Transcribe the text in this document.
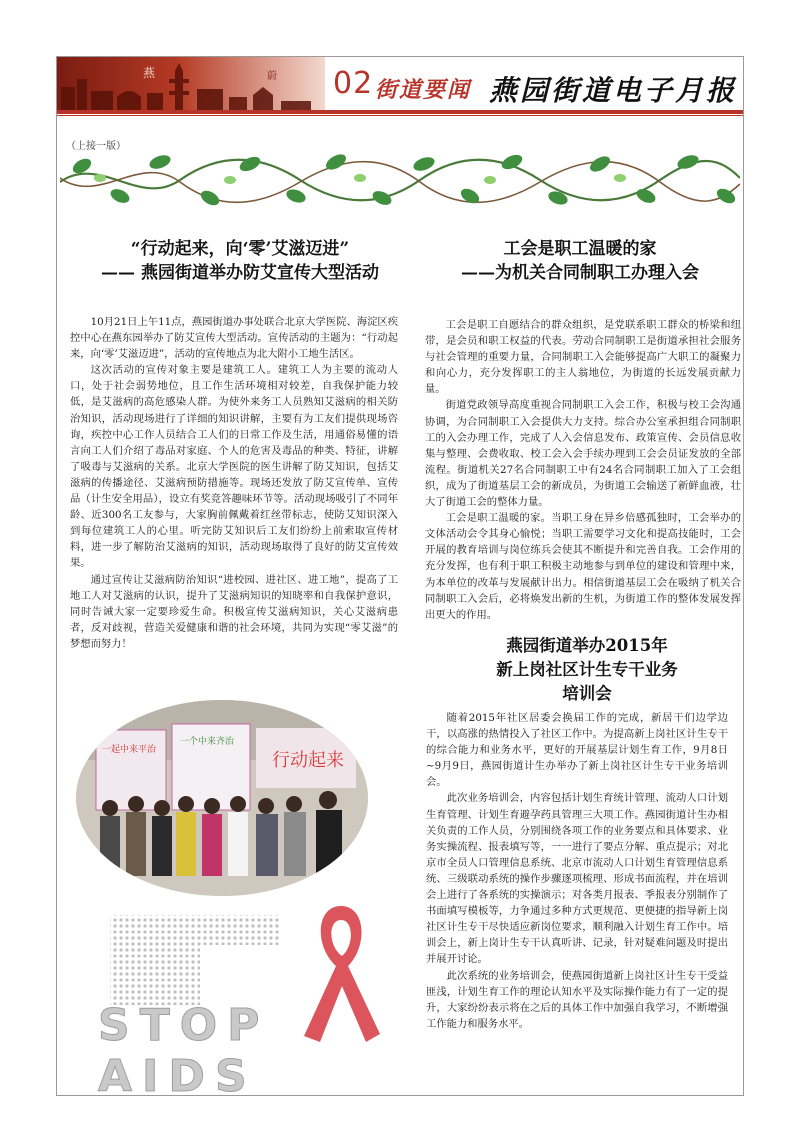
燕	蔚 02 街道要闻 燕园街道电子月报
（上接一版）
“行动起来，向‘零’艾滋迈进”
—— 燕园街道举办防艾宣传大型活动

10月21日上午11点，燕园街道办事处联合北京大学医院、海淀区疾控中心在燕东园举办了防艾宣传大型活动。宣传活动的主题为：“行动起来，向‘零’艾滋迈进”，活动的宣传地点为北大附小工地生活区。

这次活动的宣传对象主要是建筑工人。建筑工人为主要的流动人口，处于社会弱势地位，且工作生活环境相对较差，自我保护能力较低，是艾滋病的高危感染人群。为使外来务工人员熟知艾滋病的相关防治知识，活动现场进行了详细的知识讲解，主要有为工友们提供现场咨询，疾控中心工作人员结合工人们的日常工作及生活，用通俗易懂的语言向工人们介绍了毒品对家庭、个人的危害及毒品的种类、特征，讲解了吸毒与艾滋病的关系。北京大学医院的医生讲解了防艾知识，包括艾滋病的传播途径、艾滋病预防措施等。现场还发放了防艾宣传单、宣传品（计生安全用品），设立有奖竞答趣味环节等。活动现场吸引了不同年龄、近300名工友参与，大家胸前佩戴着红丝带标志，使防艾知识深入到每位建筑工人的心里。听完防艾知识后工友们纷纷上前索取宣传材料，进一步了解防治艾滋病的知识，活动现场取得了良好的防艾宣传效果。

通过宣传让艾滋病防治知识“进校园、进社区、进工地”，提高了工地工人对艾滋病的认识，提升了艾滋病知识的知晓率和自我保护意识，同时告诫大家一定要珍爱生命。积极宣传艾滋病知识，关心艾滋病患者，反对歧视，营造关爱健康和谐的社会环境，共同为实现“零艾滋”的梦想而努力！

一起中来平治
一个中来齐治
行动起来
STOP AIDS
工会是职工温暖的家
——为机关合同制职工办理入会

工会是职工自愿结合的群众组织，是党联系职工群众的桥梁和纽带，是会员和职工权益的代表。劳动合同制职工是街道承担社会服务与社会管理的重要力量，合同制职工入会能够提高广大职工的凝聚力和向心力，充分发挥职工的主人翁地位，为街道的长远发展贡献力量。

街道党政领导高度重视合同制职工入会工作，积极与校工会沟通协调，为合同制职工入会提供大力支持。综合办公室承担组合同制职工的入会办理工作，完成了人入会信息发布、政策宣传、会员信息收集与整理、会费收取、校工会入会手续办理到工会会员证发放的全部流程。街道机关27名合同制职工中有24名合同制职工加入了工会组织，成为了街道基层工会的新成员，为街道工会输送了新鲜血液，壮大了街道工会的整体力量。

工会是职工温暖的家。当职工身在异乡倍感孤独时，工会举办的文体活动会令其身心愉悦；当职工需要学习文化和提高技能时，工会开展的教育培训与岗位练兵会使其不断提升和完善自我。工会作用的充分发挥，也有利于职工积极主动地参与到单位的建设和管理中来，为本单位的改革与发展献计出力。相信街道基层工会在吸纳了机关合同制职工入会后，必将焕发出新的生机，为街道工作的整体发展发挥出更大的作用。

燕园街道举办2015年
新上岗社区计生专干业务
培训会

随着2015年社区居委会换届工作的完成，新居干们边学边干，以高涨的热情投入了社区工作中。为提高新上岗社区计生专干的综合能力和业务水平，更好的开展基层计划生育工作，9月8日~9月9日，燕园街道计生办举办了新上岗社区计生专干业务培训会。

此次业务培训会，内容包括计划生育统计管理、流动人口计划生育管理、计划生育避孕药具管理三大项工作。燕园街道计生办相关负责的工作人员，分别围绕各项工作的业务要点和具体要求、业务实操流程、报表填写等，一一进行了要点分解、重点提示；对北京市全员人口管理信息系统、北京市流动人口计划生育管理信息系统、三级联动系统的操作步骤逐项梳理、形成书面流程，并在培训会上进行了各系统的实操演示；对各类月报表、季报表分别制作了书面填写模板等，力争通过多种方式更规范、更便捷的指导新上岗社区计生专干尽快适应新岗位要求，顺利融入计划生育工作中。培训会上，新上岗计生专干认真听讲、记录，针对疑难问题及时提出并展开讨论。

此次系统的业务培训会，使燕园街道新上岗社区计生专干受益匪浅，计划生育工作的理论认知水平及实际操作能力有了一定的提升，大家纷纷表示将在之后的具体工作中加强自我学习，不断增强工作能力和服务水平。
